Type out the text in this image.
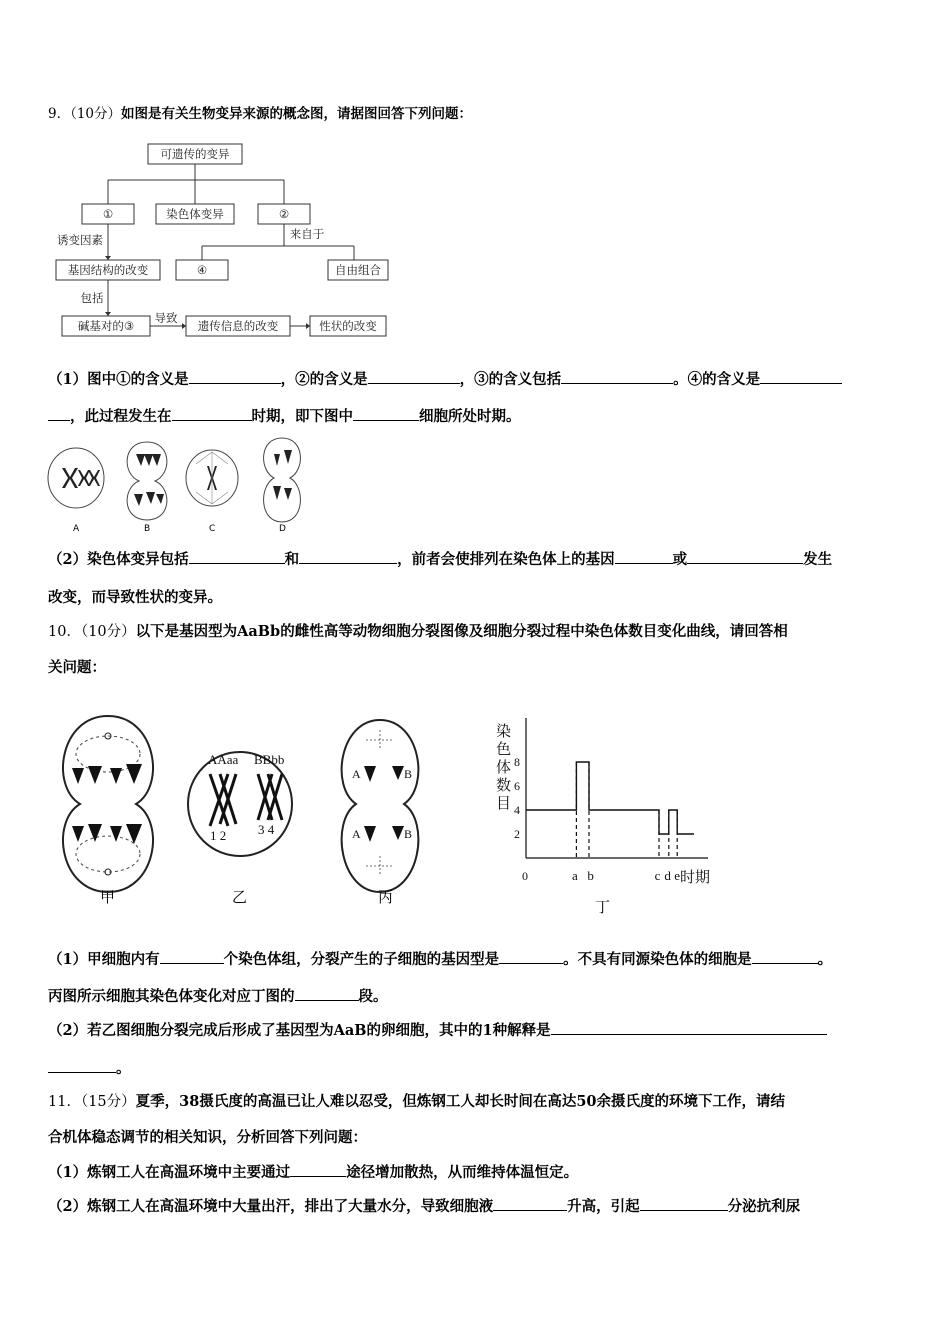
9．（10分）如图是有关生物变异来源的概念图，请据图回答下列问题：
可遗传的变异
①	染色体变异	②
诱变因素	来自于
基因结构的改变	④	自由组合
包括
碱基对的③
导致
遗传信息的改变	性状的改变
（1）图中①的含义是	，②的含义是	，③的含义包括	。④的含义是
，此过程发生在	时期，即下图中	细胞所处时期。
A	B	C	D
（2）染色体变异包括	和	，前者会使排列在染色体上的基因	或	发生
改变，而导致性状的变异。
10．（10分）以下是基因型为AaBb的雌性高等动物细胞分裂图像及细胞分裂过程中染色体数目变化曲线，请回答相
关问题：
AAaa BBbb
1 2 3 4
A	B
A	B
甲	乙	丙
染
色
体
数
目
0
2
4
6
8
a b	c d e 时期
丁
（1）甲细胞内有	个染色体组，分裂产生的子细胞的基因型是	。不具有同源染色体的细胞是	。
丙图所示细胞其染色体变化对应丁图的	段。
（2）若乙图细胞分裂完成后形成了基因型为AaB的卵细胞，其中的1种解释是
。
11．（15分）夏季，38摄氏度的高温已让人难以忍受，但炼钢工人却长时间在高达50余摄氏度的环境下工作，请结
合机体稳态调节的相关知识，分析回答下列问题：
（1）炼钢工人在高温环境中主要通过	途径增加散热，从而维持体温恒定。
（2）炼钢工人在高温环境中大量出汗，排出了大量水分，导致细胞液	升高，引起	分泌抗利尿
